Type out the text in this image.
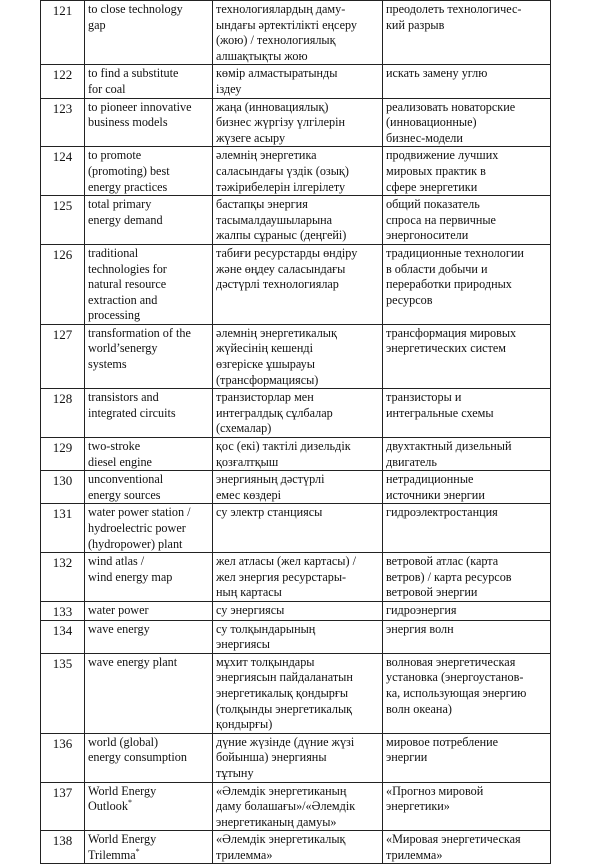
121	to close technology
gap	технологиялардың даму-
ындағы әртектілікті еңсеру
(жою) / технологиялық
алшақтықты жою	преодолеть технологичес-
кий разрыв
122	to find a substitute
for coal	көмір алмастыратынды
іздеу	искать замену углю
123	to pioneer innovative
business models	жаңа (инновациялық)
бизнес жүргізу үлгілерін
жүзеге асыру	реализовать новаторские
(инновационные)
бизнес-модели
124	to promote
(promoting) best
energy practices	әлемнің энергетика
саласындағы үздік (озық)
тәжірибелерін ілгерілету	продвижение лучших
мировых практик в
сфере энергетики
125	total primary
energy demand	бастапқы энергия
тасымалдаушыларына
жалпы сұраныс (деңгейі)	общий показатель
спроса на первичные
энергоносители
126	traditional
technologies for
natural resource
extraction and
processing	табиғи ресурстарды өндіру
және өңдеу саласындағы
дәстүрлі технологиялар	традиционные технологии
в области добычи и
переработки природных
ресурсов
127	transformation of the
world’senergy
systems	әлемнің энергетикалық
жүйесінің кешенді
өзгеріске ұшырауы
(трансформациясы)	трансформация мировых
энергетических систем
128	transistors and
integrated circuits	транзисторлар мен
интегралдық сұлбалар
(схемалар)	транзисторы и
интегральные схемы
129	two-stroke
diesel engine	қос (екі) тактілі дизельдік
қозғалтқыш	двухтактный дизельный
двигатель
130	unconventional
energy sources	энергияның дәстүрлі
емес көздері	нетрадиционные
источники энергии
131	water power station /
hydroelectric power
(hydropower) plant	су электр станциясы	гидроэлектростанция
132	wind atlas /
wind energy map	жел атласы (жел картасы) /
жел энергия ресурстары-
ның картасы	ветровой атлас (карта
ветров) / карта ресурсов
ветровой энергии
133	water power	су энергиясы	гидроэнергия
134	wave energy	су толқындарының
энергиясы	энергия волн
135	wave energy plant	мұхит толқындары
энергиясын пайдаланатын
энергетикалық қондырғы
(толқынды энергетикалық
қондырғы)	волновая энергетическая
установка (энергоустанов-
ка, использующая энергию
волн океана)
136	world (global)
energy consumption	дүние жүзінде (дүние жүзі
бойынша) энергияны
тұтыну	мировое потребление
энергии
137	World Energy
Outlook*	«Әлемдік энергетиканың
даму болашағы»/«Әлемдік
энергетиканың дамуы»	«Прогноз мировой
энергетики»
138	World Energy
Trilemma*	«Әлемдік энергетикалық
трилемма»	«Мировая энергетическая
трилемма»
